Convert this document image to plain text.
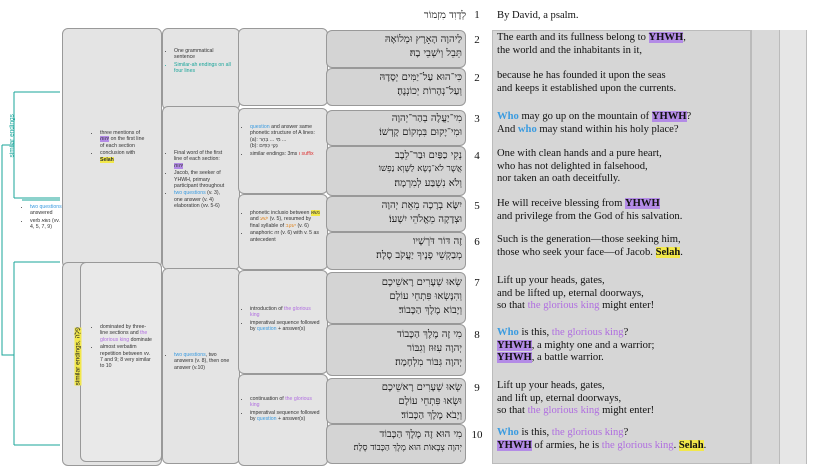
similar endings
• two questions answered
• verb נשׂא (vv. 4, 5, 7, 9)
• three mentions of יהוה on the first line of each section
• conclusion with Selah
similar endings, פֶלָה
• dominated by three-line sections and the glorious king dominate
• almost verbatim repetition between vv. 7 and 9; 8 very similar to 10
• One grammatical sentence
• Similar-ah endings on all four lines
• Final word of the first line of each section: יהוה
• Jacob, the seeker of YHWH, primary participant throughout
• two questions (v. 3), one answer (v. 4) elaboration (vv. 5-6)
• two questions, two answers (v. 8), then one answer (v.10)
• question and answer same phonetic structure of A lines:
(a): מִי ... בְּהַר ...
(b): נְקִי כַּפַּיִם
• similar endings: 3ms ו suffix
• phonetic inclusio between נשׂא and ישׁע (v. 5), resumed by final syllable of יעקב (v. 6)
• anaphoric זה (v. 6) with v. 5 as antecedent
• introduction of the glorious king
• imperatival sequence followed by question + answer(s)
• continuation of the glorious king
• imperatival sequence followed by question + answer(s)
לְדָוִד מִזְמוֹר 1	By David, a psalm.
2
לַיהוָה הָאָרֶץ וּמְלוֹאָהּ
תֵּבֵל וְיֹשְׁבֵי בָהּ׃
The earth and its fullness belong to YHWH,
the world and the inhabitants in it,
2
כִּי־הוּא עַל־יַמִּים יְסָדָהּ
וְעַל־נְהָרוֹת יְכוֹנְנֶהָ׃
because he has founded it upon the seas
and keeps it established upon the currents.
3
מִי־יַעֲלֶה בְהַר־יְהוָה
וּמִי־יָקוּם בִּמְקוֹם קָדְשׁוֹ׃
Who may go up on the mountain of YHWH?
And who may stand within his holy place?
4
נְקִי כַפַּיִם וּבַר־לֵבָב
אֲשֶׁר לֹא־נָשָׂא לַשָּׁוְא נַפְשׁוֹ
וְלֹא נִשְׁבַּע לְמִרְמָה׃
One with clean hands and a pure heart,
who has not delighted in falsehood,
nor taken an oath deceitfully.
5
יִשָּׂא בְרָכָה מֵאֵת יְהוָה
וּצְדָקָה מֵאֱלֹהֵי יִשְׁעוֹ׃
He will receive blessing from YHWH
and privilege from the God of his salvation.
6
זֶה דּוֹר דֹּרְשָׁיו
מְבַקְשֵׁי פָנֶיךָ יַעֲקֹב סֶלָה׃
Such is the generation—those seeking him,
those who seek your face—of Jacob. Selah.
7
שְׂאוּ שְׁעָרִים רָאשֵׁיכֶם
וְהִנָּשְׂאוּ פִּתְחֵי עוֹלָם
וְיָבוֹא מֶלֶךְ הַכָּבוֹד׃
Lift up your heads, gates,
and be lifted up, eternal doorways,
so that the glorious king might enter!
8
מִי זֶה מֶלֶךְ הַכָּבוֹד
יְהוָה עִזּוּז וְגִבּוֹר
יְהוָה גִּבּוֹר מִלְחָמָה׃
Who is this, the glorious king?
YHWH, a mighty one and a warrior;
YHWH, a battle warrior.
9
שְׂאוּ שְׁעָרִים רָאשֵׁיכֶם
וּשְׂאוּ פִּתְחֵי עוֹלָם
וְיָבֹא מֶלֶךְ הַכָּבוֹד׃
Lift up your heads, gates,
and lift up, eternal doorways,
so that the glorious king might enter!
10
מִי הוּא זֶה מֶלֶךְ הַכָּבוֹד
יְהוָה צְבָאוֹת הוּא מֶלֶךְ הַכָּבוֹד סֶלָה׃
Who is this, the glorious king?
YHWH of armies, he is the glorious king. Selah.
